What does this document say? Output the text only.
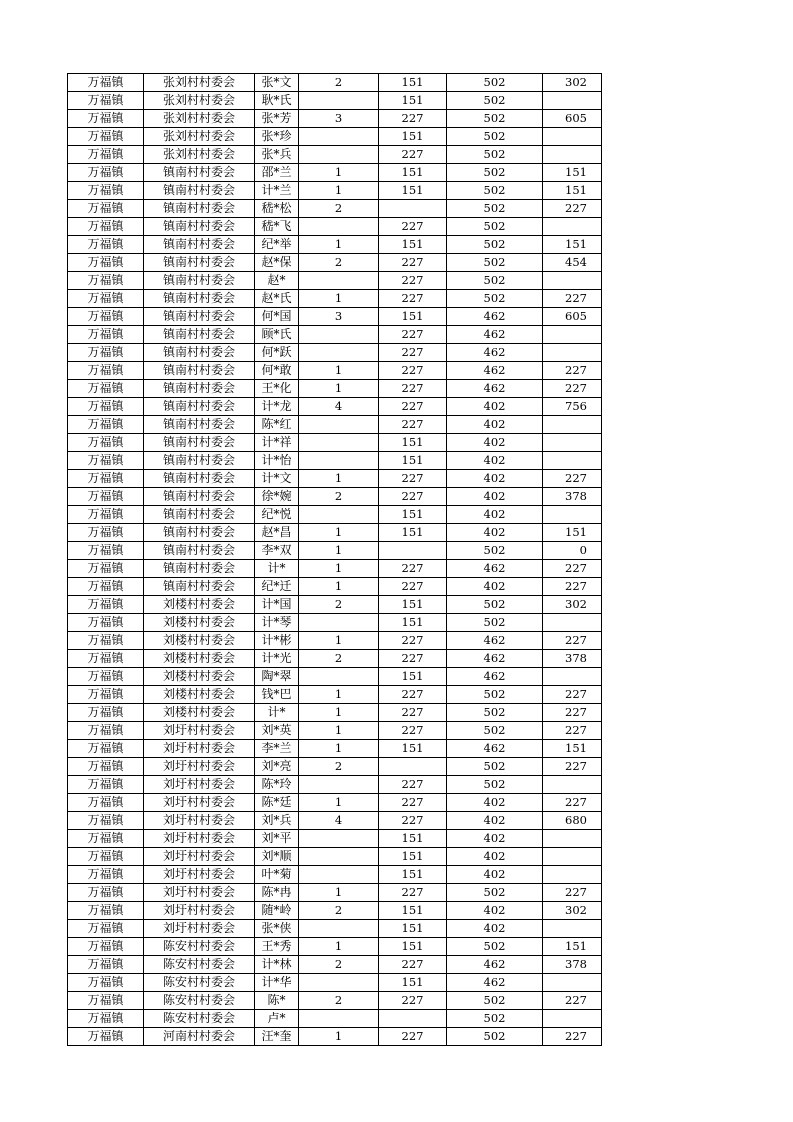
万福镇	张刘村村委会	张*文	2	151	502	302
万福镇	张刘村村委会	耿*氏		151	502	
万福镇	张刘村村委会	张*芳	3	227	502	605
万福镇	张刘村村委会	张*珍		151	502	
万福镇	张刘村村委会	张*兵		227	502	
万福镇	镇南村村委会	邵*兰	1	151	502	151
万福镇	镇南村村委会	计*兰	1	151	502	151
万福镇	镇南村村委会	嵇*松	2		502	227
万福镇	镇南村村委会	嵇*飞		227	502	
万福镇	镇南村村委会	纪*举	1	151	502	151
万福镇	镇南村村委会	赵*保	2	227	502	454
万福镇	镇南村村委会	赵*		227	502	
万福镇	镇南村村委会	赵*氏	1	227	502	227
万福镇	镇南村村委会	何*国	3	151	462	605
万福镇	镇南村村委会	顾*氏		227	462	
万福镇	镇南村村委会	何*跃		227	462	
万福镇	镇南村村委会	何*敢	1	227	462	227
万福镇	镇南村村委会	王*化	1	227	462	227
万福镇	镇南村村委会	计*龙	4	227	402	756
万福镇	镇南村村委会	陈*红		227	402	
万福镇	镇南村村委会	计*祥		151	402	
万福镇	镇南村村委会	计*怡		151	402	
万福镇	镇南村村委会	计*文	1	227	402	227
万福镇	镇南村村委会	徐*婉	2	227	402	378
万福镇	镇南村村委会	纪*悦		151	402	
万福镇	镇南村村委会	赵*昌	1	151	402	151
万福镇	镇南村村委会	李*双	1		502	0
万福镇	镇南村村委会	计*	1	227	462	227
万福镇	镇南村村委会	纪*迁	1	227	402	227
万福镇	刘楼村村委会	计*国	2	151	502	302
万福镇	刘楼村村委会	计*琴		151	502	
万福镇	刘楼村村委会	计*彬	1	227	462	227
万福镇	刘楼村村委会	计*光	2	227	462	378
万福镇	刘楼村村委会	陶*翠		151	462	
万福镇	刘楼村村委会	钱*巴	1	227	502	227
万福镇	刘楼村村委会	计*	1	227	502	227
万福镇	刘圩村村委会	刘*英	1	227	502	227
万福镇	刘圩村村委会	李*兰	1	151	462	151
万福镇	刘圩村村委会	刘*亮	2		502	227
万福镇	刘圩村村委会	陈*玲		227	502	
万福镇	刘圩村村委会	陈*廷	1	227	402	227
万福镇	刘圩村村委会	刘*兵	4	227	402	680
万福镇	刘圩村村委会	刘*平		151	402	
万福镇	刘圩村村委会	刘*顺		151	402	
万福镇	刘圩村村委会	叶*菊		151	402	
万福镇	刘圩村村委会	陈*冉	1	227	502	227
万福镇	刘圩村村委会	随*岭	2	151	402	302
万福镇	刘圩村村委会	张*侠		151	402	
万福镇	陈安村村委会	王*秀	1	151	502	151
万福镇	陈安村村委会	计*林	2	227	462	378
万福镇	陈安村村委会	计*华		151	462	
万福镇	陈安村村委会	陈*	2	227	502	227
万福镇	陈安村村委会	卢*			502	
万福镇	河南村村委会	汪*奎	1	227	502	227
